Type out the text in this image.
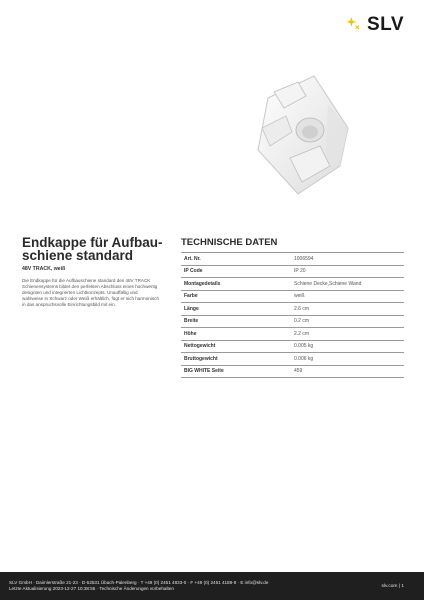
SLV
Endkappe für Aufbau-schiene standard

48V TRACK, weiß

Die Endkappe für die Aufbauschiene standard des 48V TRACK Schienensystems bildet den perfekten Abschluss eines hochwertig designten und integrierten Lichtkonzepts. Unauffällig und wahlweise in Schwarz oder Weiß erhältlich, fügt er sich harmonisch in das anspruchsvolle Einrichtungsbild mit ein.

TECHNISCHE DATEN
Art. Nr.	1006594
IP Code	IP 20
Montagedetails	Schiene Decke,Schiene Wand
Farbe	weiß
Länge	2.6 cm
Breite	0.2 cm
Höhe	2.2 cm
Nettogewicht	0.005 kg
Bruttogewicht	0.006 kg
BIG WHITE Seite	459
SLV GmbH · Daimlerstraße 21-23 · D-52531 Übach-Palenberg · T +49 (0) 2451 4833-0 · F +49 (0) 2451 4188-8 · E info@slv.de
Letzte Aktualisierung 2023-12-27 10:38:55 · Technische Änderungen vorbehalten	slv.com | 1
